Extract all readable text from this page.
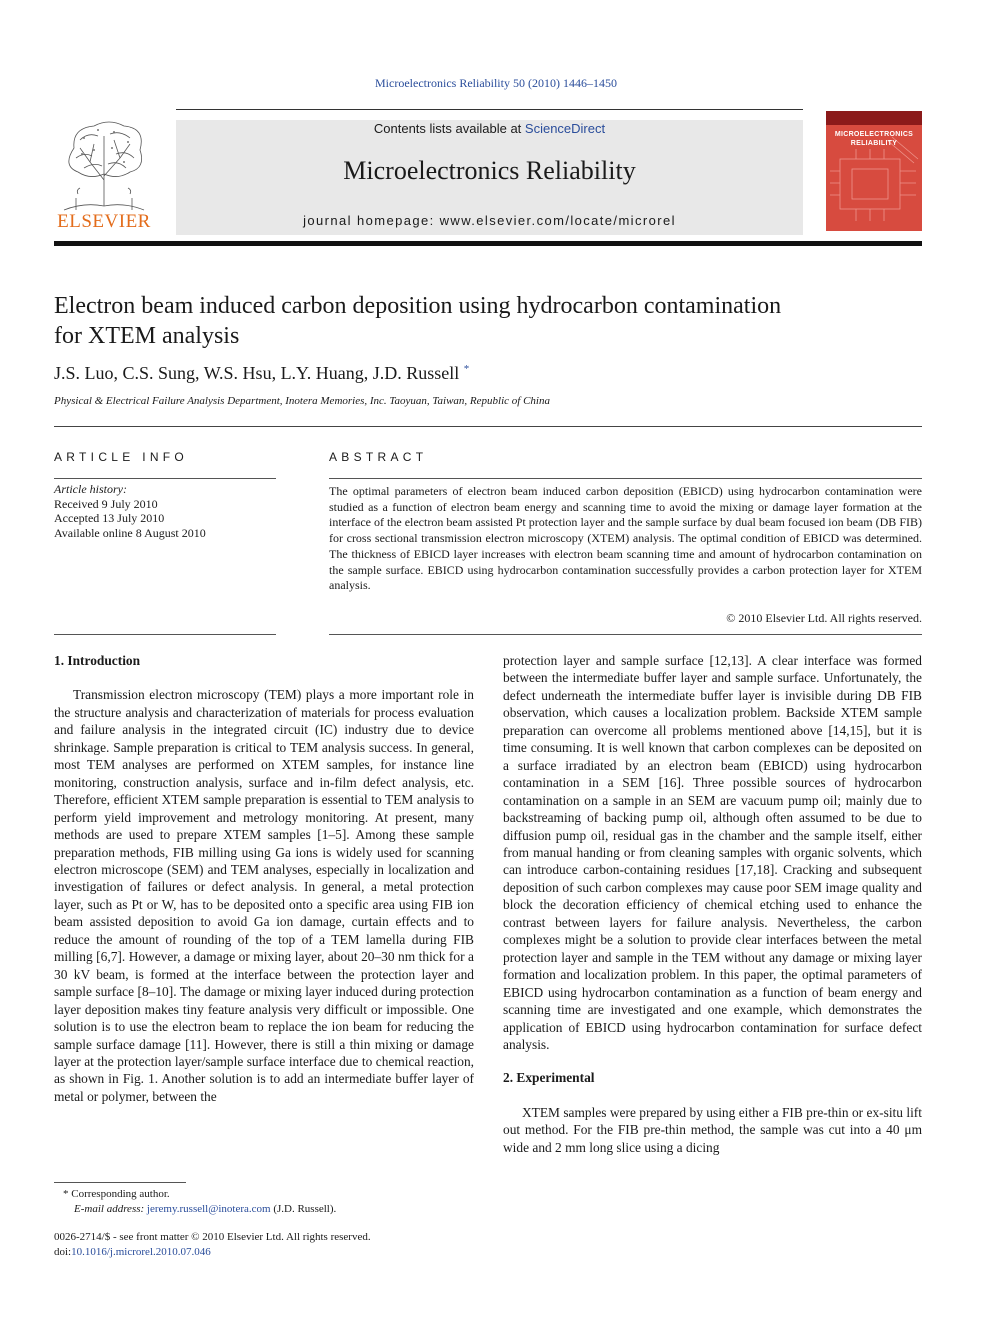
Microelectronics Reliability 50 (2010) 1446–1450
ELSEVIER
Contents lists available at ScienceDirect
Microelectronics Reliability
journal homepage: www.elsevier.com/locate/microrel
MICROELECTRONICS
RELIABILITY
Electron beam induced carbon deposition using hydrocarbon contamination
for XTEM analysis
J.S. Luo, C.S. Sung, W.S. Hsu, L.Y. Huang, J.D. Russell *
Physical & Electrical Failure Analysis Department, Inotera Memories, Inc. Taoyuan, Taiwan, Republic of China
ARTICLE INFO	ABSTRACT
Article history:
Received 9 July 2010
Accepted 13 July 2010
Available online 8 August 2010
The optimal parameters of electron beam induced carbon deposition (EBICD) using hydrocarbon contamination were studied as a function of electron beam energy and scanning time to avoid the mixing or damage layer formation at the interface of the electron beam assisted Pt protection layer and the sample surface by dual beam focused ion beam (DB FIB) for cross sectional transmission electron microscopy (XTEM) analysis. The optimal condition of EBICD was determined. The thickness of EBICD layer increases with electron beam scanning time and amount of hydrocarbon contamination on the sample surface. EBICD using hydrocarbon contamination successfully provides a carbon protection layer for XTEM analysis.
© 2010 Elsevier Ltd. All rights reserved.
1. Introduction

Transmission electron microscopy (TEM) plays a more important role in the structure analysis and characterization of materials for process evaluation and failure analysis in the integrated circuit (IC) industry due to device shrinkage. Sample preparation is critical to TEM analysis success. In general, most TEM analyses are performed on XTEM samples, for instance line monitoring, construction analysis, surface and in-film defect analysis, etc. Therefore, efficient XTEM sample preparation is essential to TEM analysis to perform yield improvement and metrology monitoring. At present, many methods are used to prepare XTEM samples [1–5]. Among these sample preparation methods, FIB milling using Ga ions is widely used for scanning electron microscope (SEM) and TEM analyses, especially in localization and investigation of failures or defect analysis. In general, a metal protection layer, such as Pt or W, has to be deposited onto a specific area using FIB ion beam assisted deposition to avoid Ga ion damage, curtain effects and to reduce the amount of rounding of the top of a TEM lamella during FIB milling [6,7]. However, a damage or mixing layer, about 20–30 nm thick for a 30 kV beam, is formed at the interface between the protection layer and sample surface [8–10]. The damage or mixing layer induced during protection layer deposition makes tiny feature analysis very difficult or impossible. One solution is to use the electron beam to replace the ion beam for reducing the sample surface damage [11]. However, there is still a thin mixing or damage layer at the protection layer/sample surface interface due to chemical reaction, as shown in Fig. 1. Another solution is to add an intermediate buffer layer of metal or polymer, between the

protection layer and sample surface [12,13]. A clear interface was formed between the intermediate buffer layer and sample surface. Unfortunately, the defect underneath the intermediate buffer layer is invisible during DB FIB observation, which causes a localization problem. Backside XTEM sample preparation can overcome all problems mentioned above [14,15], but it is time consuming. It is well known that carbon complexes can be deposited on a surface irradiated by an electron beam (EBICD) using hydrocarbon contamination in a SEM [16]. Three possible sources of hydrocarbon contamination on a sample in an SEM are vacuum pump oil; mainly due to backstreaming of backing pump oil, although often assumed to be due to diffusion pump oil, residual gas in the chamber and the sample itself, either from manual handing or from cleaning samples with organic solvents, which can introduce carbon-containing residues [17,18]. Cracking and subsequent deposition of such carbon complexes may cause poor SEM image quality and block the decoration efficiency of chemical etching used to enhance the contrast between layers for failure analysis. Nevertheless, the carbon complexes might be a solution to provide clear interfaces between the metal protection layer and sample in the TEM without any damage or mixing layer formation and localization problem. In this paper, the optimal parameters of EBICD using hydrocarbon contamination as a function of beam energy and scanning time are investigated and one example, which demonstrates the application of EBICD using hydrocarbon contamination for surface defect analysis.

2. Experimental

XTEM samples were prepared by using either a FIB pre-thin or ex-situ lift out method. For the FIB pre-thin method, the sample was cut into a 40 μm wide and 2 mm long slice using a dicing

* Corresponding author.
E-mail address: jeremy.russell@inotera.com (J.D. Russell).
0026-2714/$ - see front matter © 2010 Elsevier Ltd. All rights reserved.
doi:10.1016/j.microrel.2010.07.046
